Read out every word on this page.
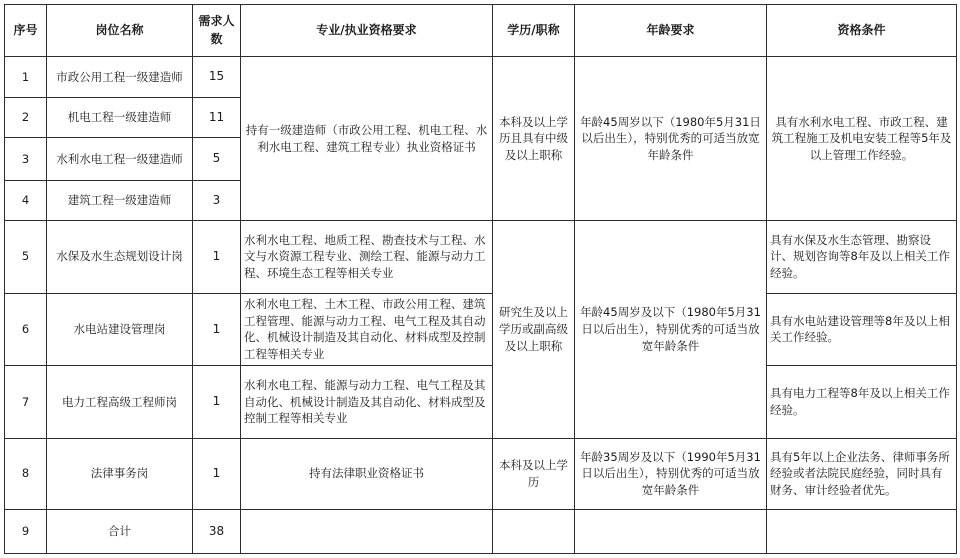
序号	岗位名称	需求人数	专业/执业资格要求	学历/职称	年龄要求	资格条件
1	市政公用工程一级建造师	15	持有一级建造师（市政公用工程、机电工程、水利水电工程、建筑工程专业）执业资格证书	本科及以上学历且具有中级及以上职称	年龄45周岁以下（1980年5月31日以后出生），特别优秀的可适当放宽年龄条件	具有水利水电工程、市政工程、建筑工程施工及机电安装工程等5年及以上管理工作经验。
2	机电工程一级建造师	11				
3	水利水电工程一级建造师	5				
4	建筑工程一级建造师	3				
5	水保及水生态规划设计岗	1	水利水电工程、地质工程、勘查技术与工程、水文与水资源工程专业、测绘工程、能源与动力工程、环境生态工程等相关专业	研究生及以上学历或副高级及以上职称	年龄45周岁及以下（1980年5月31日以后出生），特别优秀的可适当放宽年龄条件	具有水保及水生态管理、勘察设计、规划咨询等8年及以上相关工作经验。
6	水电站建设管理岗	1	水利水电工程、土木工程、市政公用工程、建筑工程管理、能源与动力工程、电气工程及其自动化、机械设计制造及其自动化、材料成型及控制工程等相关专业			具有水电站建设管理等8年及以上相关工作经验。
7	电力工程高级工程师岗	1	水利水电工程、能源与动力工程、电气工程及其自动化、机械设计制造及其自动化、材料成型及控制工程等相关专业			具有电力工程等8年及以上相关工作经验。
8	法律事务岗	1	持有法律职业资格证书	本科及以上学历	年龄35周岁及以下（1990年5月31日以后出生），特别优秀的可适当放宽年龄条件	具有5年以上企业法务、律师事务所经验或者法院民庭经验，同时具有财务、审计经验者优先。
9	合计	38				
